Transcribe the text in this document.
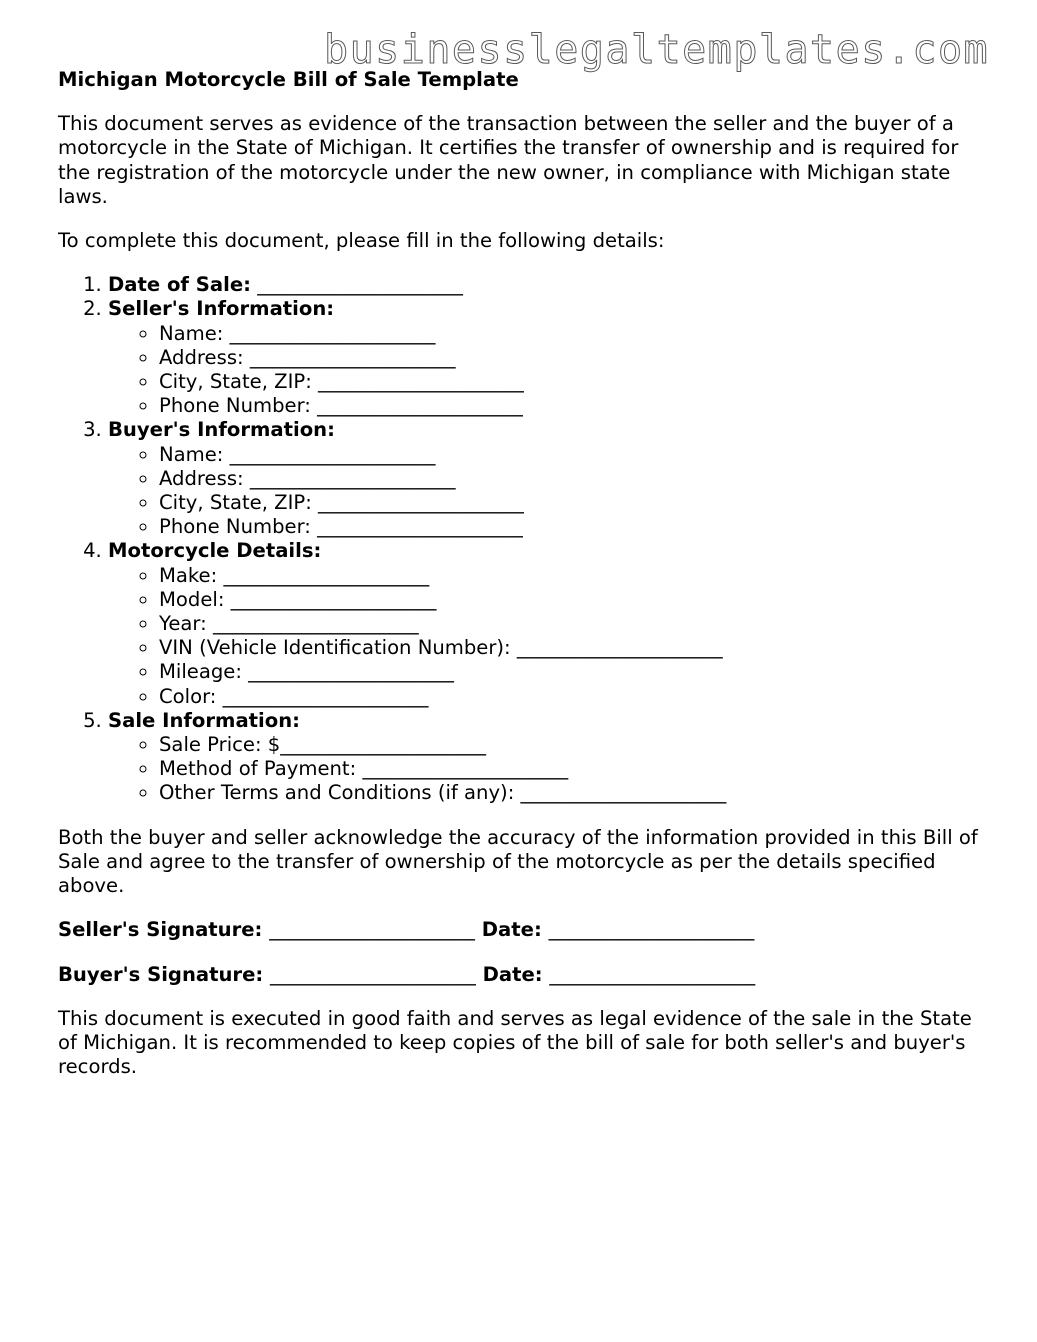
businesslegaltemplates.com

Michigan Motorcycle Bill of Sale Template

This document serves as evidence of the transaction between the seller and the buyer of a motorcycle in the State of Michigan. It certifies the transfer of ownership and is required for the registration of the motorcycle under the new owner, in compliance with Michigan state laws.

To complete this document, please fill in the following details:

1. Date of Sale: _____________________
2. Seller's Information:
◦ Name: _____________________
◦ Address: _____________________
◦ City, State, ZIP: _____________________
◦ Phone Number: _____________________
3. Buyer's Information:
◦ Name: _____________________
◦ Address: _____________________
◦ City, State, ZIP: _____________________
◦ Phone Number: _____________________
4. Motorcycle Details:
◦ Make: _____________________
◦ Model: _____________________
◦ Year: _____________________
◦ VIN (Vehicle Identification Number): _____________________
◦ Mileage: _____________________
◦ Color: _____________________
5. Sale Information:
◦ Sale Price: $_____________________
◦ Method of Payment: _____________________
◦ Other Terms and Conditions (if any): _____________________

Both the buyer and seller acknowledge the accuracy of the information provided in this Bill of Sale and agree to the transfer of ownership of the motorcycle as per the details specified above.

Seller's Signature: _____________________ Date: _____________________

Buyer's Signature: _____________________ Date: _____________________

This document is executed in good faith and serves as legal evidence of the sale in the State of Michigan. It is recommended to keep copies of the bill of sale for both seller's and buyer's records.
